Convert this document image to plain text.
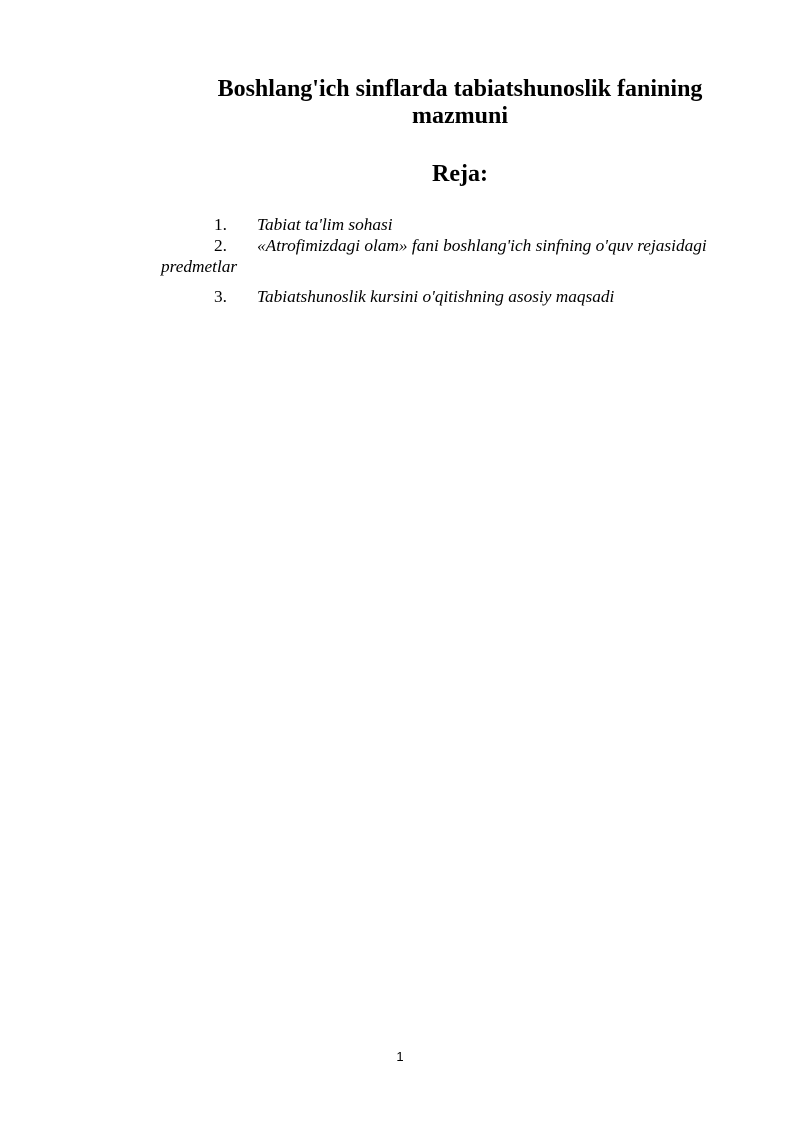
Boshlang'ich sinflarda tabiatshunoslik fanining
mazmuni
Reja:
1. Tabiat ta'lim sohasi
2. «Atrofimizdagi olam» fani boshlang'ich sinfning o'quv rejasidagi predmetlar
3. Tabiatshunoslik kursini o'qitishning asosiy maqsadi
1
